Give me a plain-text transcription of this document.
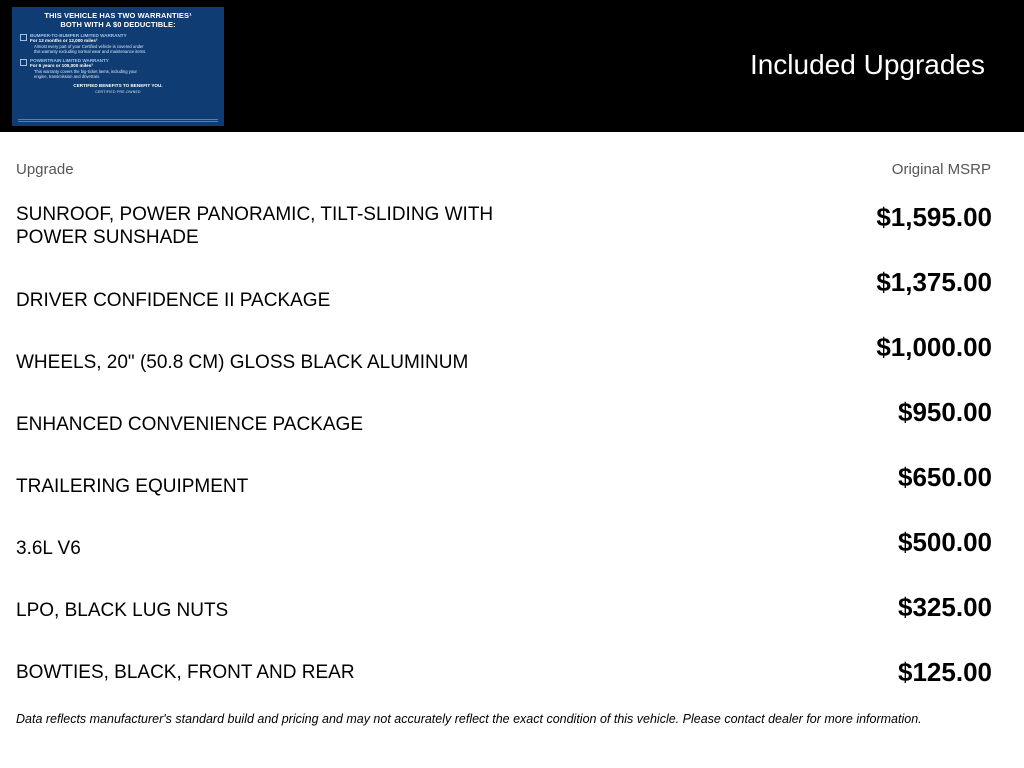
THIS VEHICLE HAS TWO WARRANTIES¹
BOTH WITH A $0 DEDUCTIBLE:
BUMPER-TO-BUMPER LIMITED WARRANTY
For 12 months or 12,000 miles²
Almost every part of your Certified vehicle is covered under
this warranty excluding normal wear and maintenance items.
POWERTRAIN LIMITED WARRANTY
For 6 years or 100,000 miles³
This warranty covers the big-ticket items, including your
engine, transmission and drivetrain.
CERTIFIED BENEFITS TO BENEFIT YOU.
CERTIFIED PRE-OWNED
Included Upgrades
Upgrade	Original MSRP
SUNROOF, POWER PANORAMIC, TILT-SLIDING WITH
POWER SUNSHADE
$1,595.00
DRIVER CONFIDENCE II PACKAGE
$1,375.00
WHEELS, 20" (50.8 CM) GLOSS BLACK ALUMINUM
$1,000.00
ENHANCED CONVENIENCE PACKAGE	$950.00
TRAILERING EQUIPMENT	$650.00
3.6L V6	$500.00
LPO, BLACK LUG NUTS	$325.00
BOWTIES, BLACK, FRONT AND REAR	$125.00
Data reflects manufacturer's standard build and pricing and may not accurately reflect the exact condition of this vehicle. Please contact dealer for more information.
